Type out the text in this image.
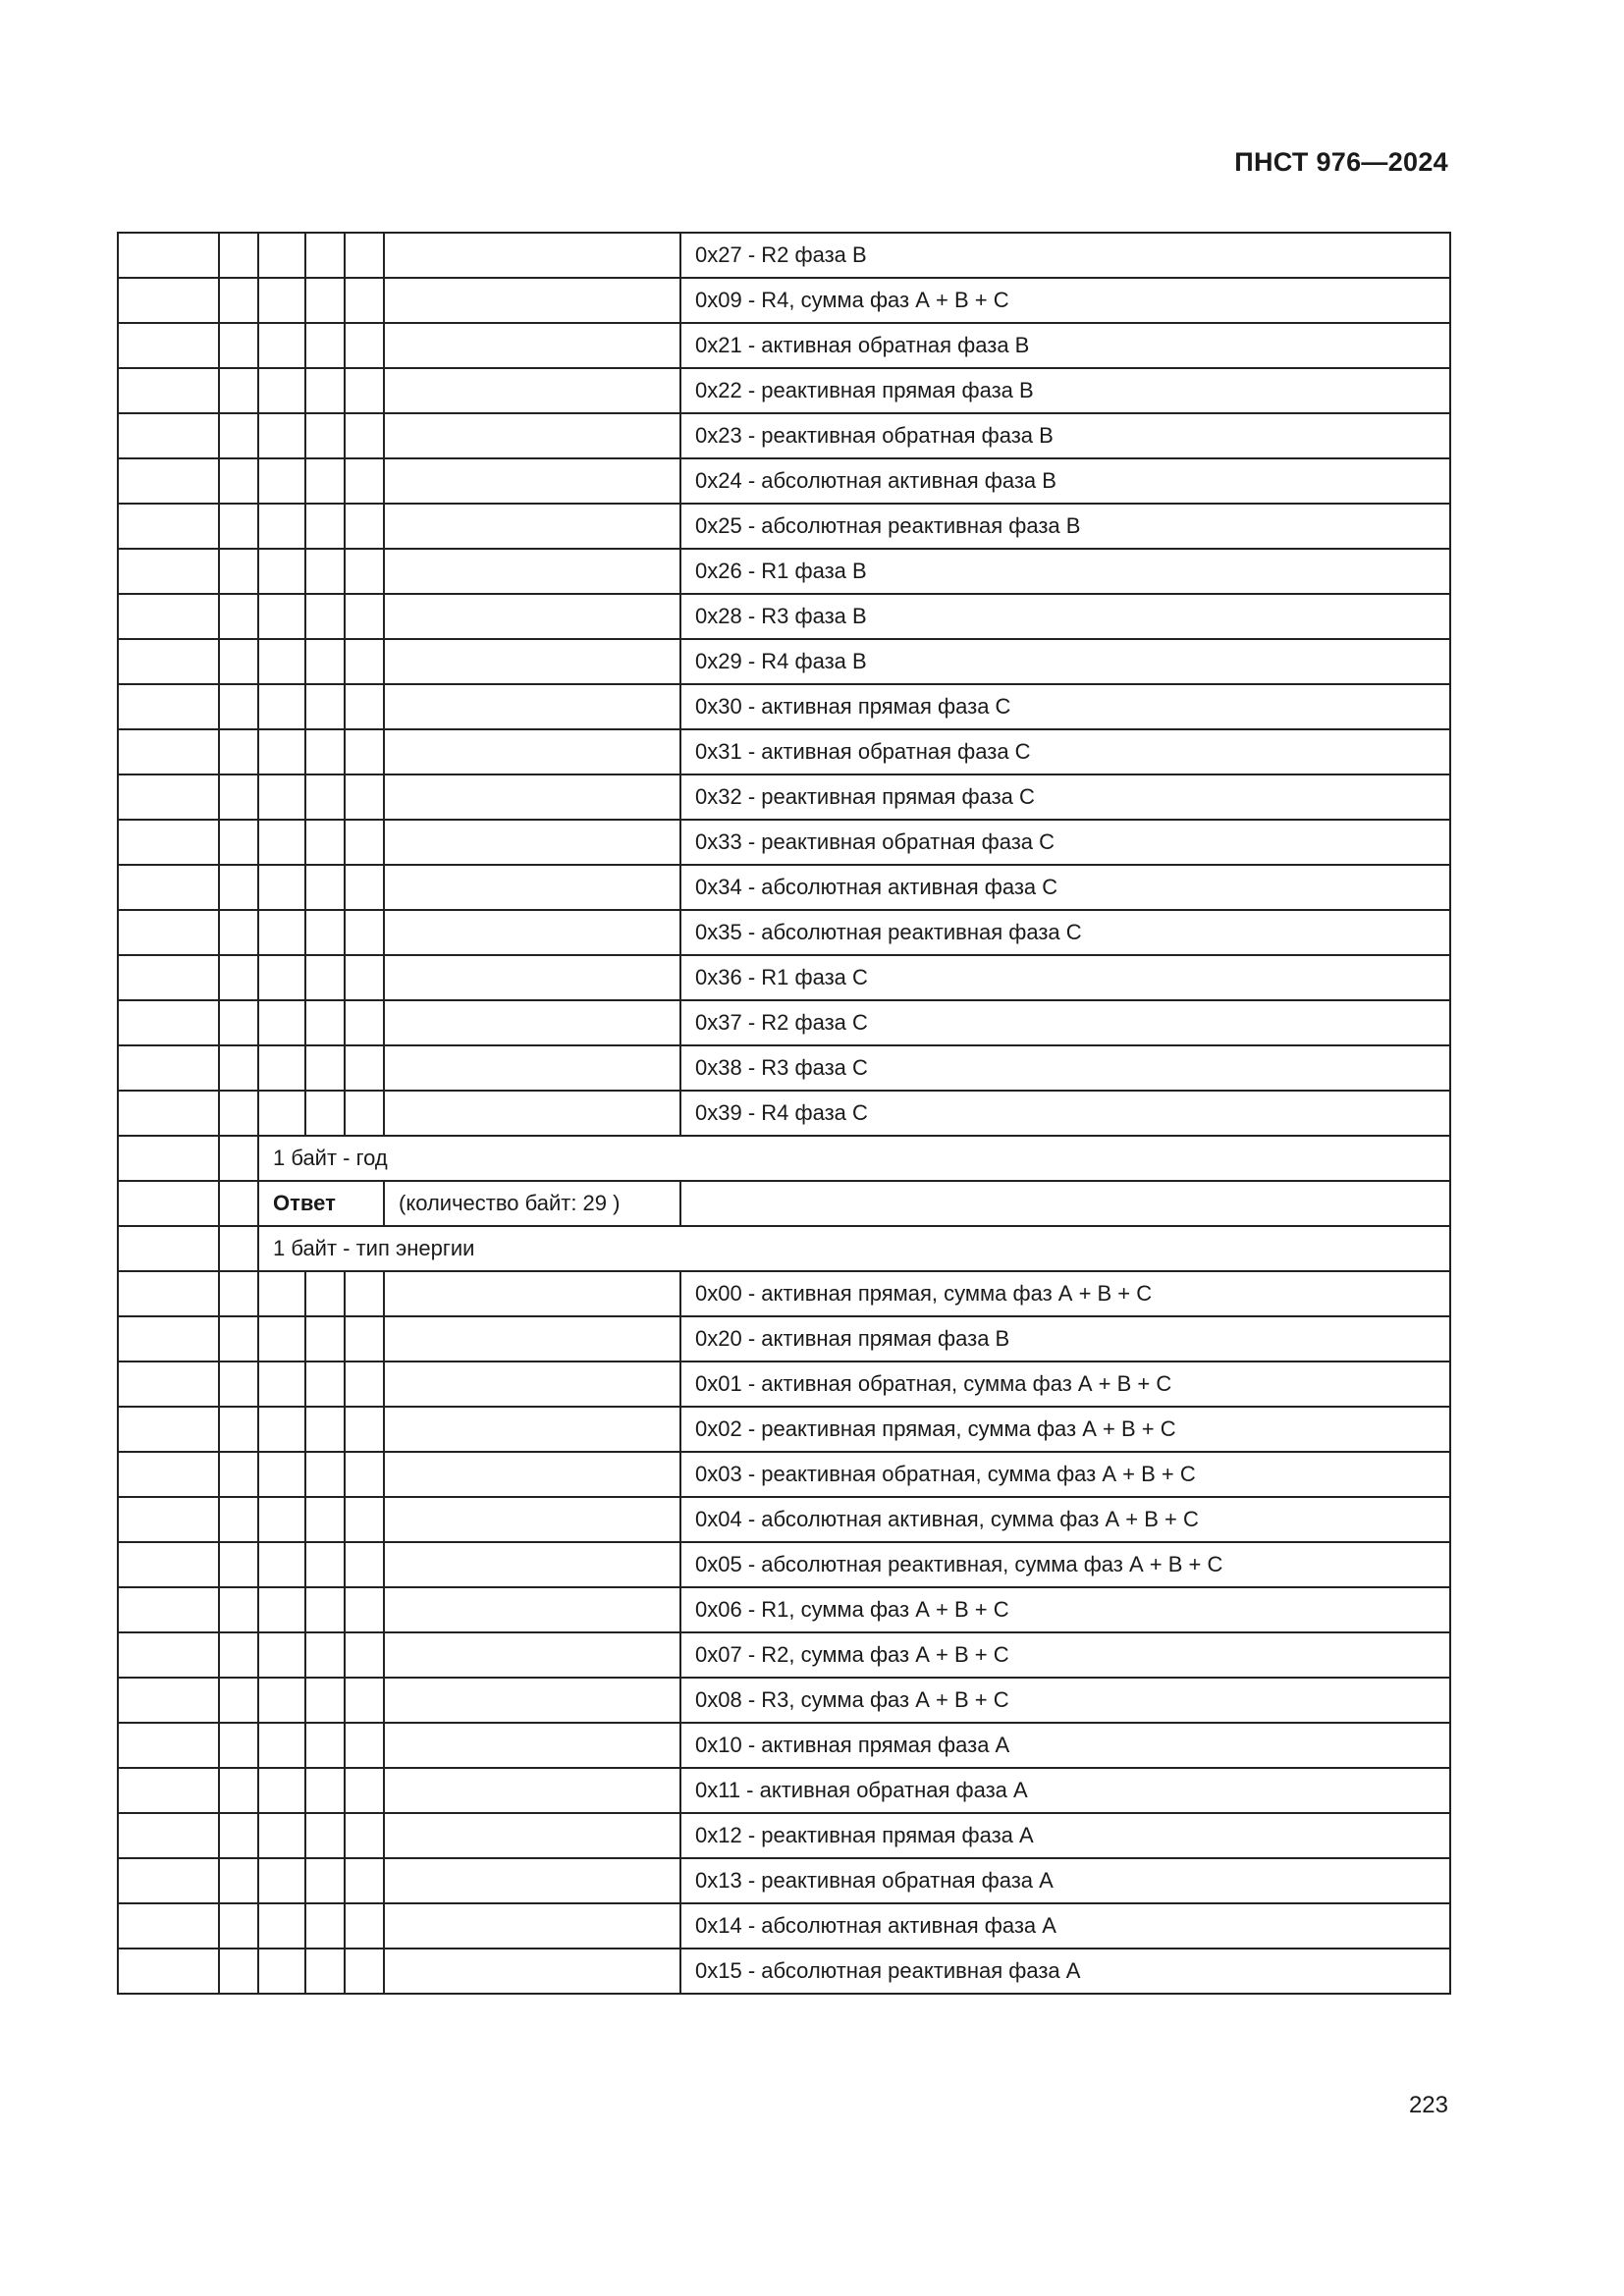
ПНСТ 976—2024
						0x27 - R2 фаза В
						0x09 - R4, сумма фаз А + В + С
						0x21 - активная обратная фаза В
						0x22 - реактивная прямая фаза В
						0x23 - реактивная обратная фаза В
						0x24 - абсолютная активная фаза В
						0x25 - абсолютная реактивная фаза В
						0x26 - R1 фаза В
						0x28 - R3 фаза В
						0x29 - R4 фаза В
						0x30 - активная прямая фаза С
						0x31 - активная обратная фаза С
						0x32 - реактивная прямая фаза С
						0x33 - реактивная обратная фаза С
						0x34 - абсолютная активная фаза С
						0x35 - абсолютная реактивная фаза С
						0x36 - R1 фаза С
						0x37 - R2 фаза С
						0x38 - R3 фаза С
						0x39 - R4 фаза С
		1 байт - год				
		Ответ			(количество байт: 29 )	
		1 байт - тип энергии				
						0x00 - активная прямая, сумма фаз А + В + С
						0x20 - активная прямая фаза В
						0x01 - активная обратная, сумма фаз А + В + С
						0x02 - реактивная прямая, сумма фаз А + В + С
						0x03 - реактивная обратная, сумма фаз А + В + С
						0x04 - абсолютная активная, сумма фаз А + В + С
						0x05 - абсолютная реактивная, сумма фаз А + В + С
						0x06 - R1, сумма фаз А + В + С
						0x07 - R2, сумма фаз А + В + С
						0x08 - R3, сумма фаз А + В + С
						0x10 - активная прямая фаза А
						0x11 - активная обратная фаза А
						0x12 - реактивная прямая фаза А
						0x13 - реактивная обратная фаза А
						0x14 - абсолютная активная фаза А
						0x15 - абсолютная реактивная фаза А
223
